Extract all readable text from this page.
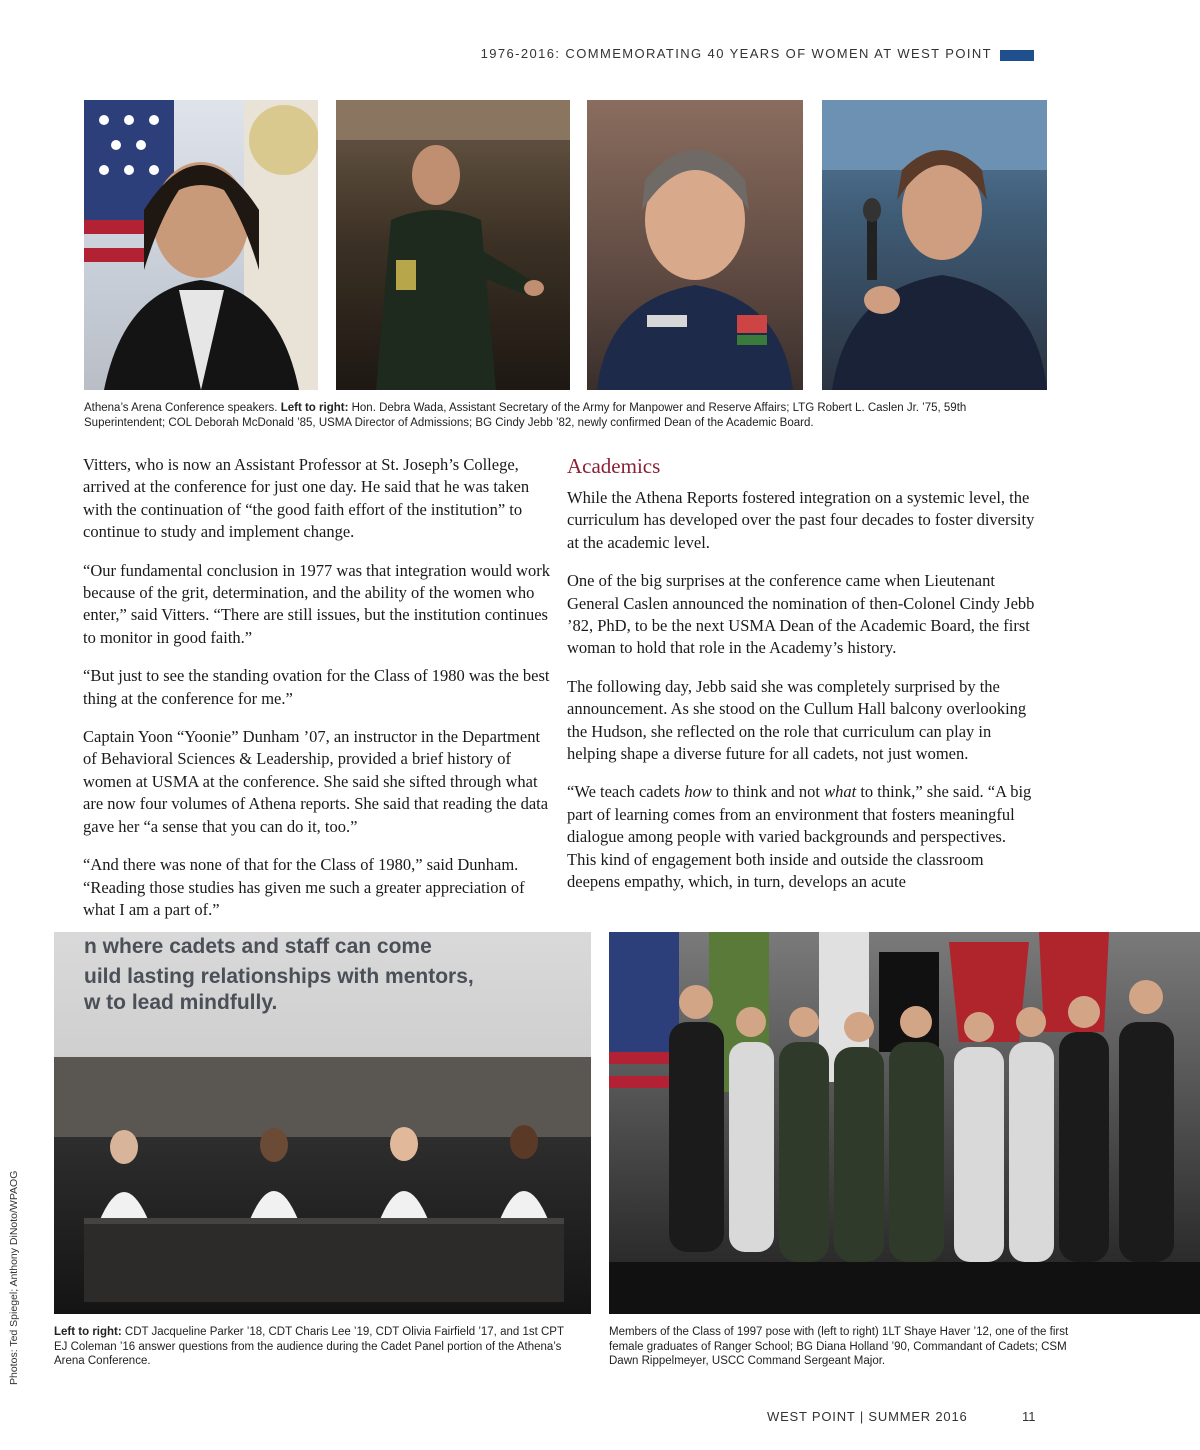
1976-2016: COMMEMORATING 40 YEARS OF WOMEN AT WEST POINT
Athena’s Arena Conference speakers. Left to right: Hon. Debra Wada, Assistant Secretary of the Army for Manpower and Reserve Affairs; LTG Robert L. Caslen Jr. ’75, 59th Superintendent; COL Deborah McDonald ’85, USMA Director of Admissions; BG Cindy Jebb ’82, newly confirmed Dean of the Academic Board.

Vitters, who is now an Assistant Professor at St. Joseph’s College, arrived at the conference for just one day. He said that he was taken with the continuation of “the good faith effort of the institution” to continue to study and implement change.

“Our fundamental conclusion in 1977 was that integration would work because of the grit, determination, and the ability of the women who enter,” said Vitters. “There are still issues, but the institution continues to monitor in good faith.”

“But just to see the standing ovation for the Class of 1980 was the best thing at the conference for me.”

Captain Yoon “Yoonie” Dunham ’07, an instructor in the Department of Behavioral Sciences & Leadership, provided a brief history of women at USMA at the conference. She said she sifted through what are now four volumes of Athena reports. She said that reading the data gave her “a sense that you can do it, too.”

“And there was none of that for the Class of 1980,” said Dunham. “Reading those studies has given me such a greater appreciation of what I am a part of.”

Academics

While the Athena Reports fostered integration on a systemic level, the curriculum has developed over the past four decades to foster diversity at the academic level.

One of the big surprises at the conference came when Lieutenant General Caslen announced the nomination of then-Colonel Cindy Jebb ’82, PhD, to be the next USMA Dean of the Academic Board, the first woman to hold that role in the Academy’s history.

The following day, Jebb said she was completely surprised by the announcement. As she stood on the Cullum Hall balcony overlooking the Hudson, she reflected on the role that curriculum can play in helping shape a diverse future for all cadets, not just women.

“We teach cadets how to think and not what to think,” she said. “A big part of learning comes from an environment that fosters meaningful dialogue among people with varied backgrounds and perspectives. This kind of engagement both inside and outside the classroom deepens empathy, which, in turn, develops an acute

n where cadets and staff can come
uild lasting relationships with mentors,
w to lead mindfully.
Left to right: CDT Jacqueline Parker ’18, CDT Charis Lee ’19, CDT Olivia Fairfield ’17, and 1st CPT EJ Coleman ’16 answer questions from the audience during the Cadet Panel portion of the Athena’s Arena Conference.
Members of the Class of 1997 pose with (left to right) 1LT Shaye Haver ’12, one of the first female graduates of Ranger School; BG Diana Holland ’90, Commandant of Cadets; CSM Dawn Rippelmeyer, USCC Command Sergeant Major.
Photos: Ted Spiegel; Anthony DiNoto/WPAOG
WEST POINT | SUMMER 2016	11
